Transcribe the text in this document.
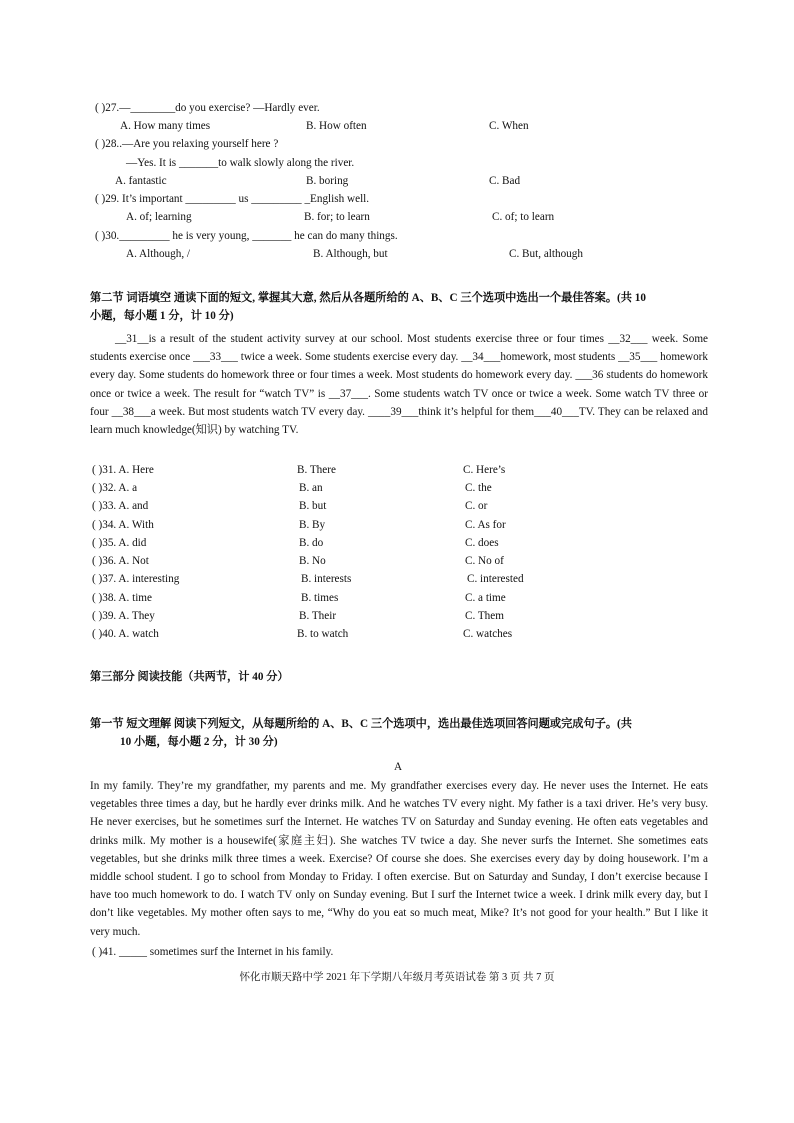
( )27.—________do you exercise? —Hardly ever.
A. How many times	B. How often	C. When
( )28..—Are you relaxing yourself here ?
—Yes. It is _______to walk slowly along the river.
A. fantastic	B. boring	C. Bad
( )29. It’s important _________ us _________ _English well.
A. of; learning	B. for; to learn	C. of; to learn
( )30._________ he is very young, _______ he can do many things.
A. Although, /	B. Although, but	C. But, although
第二节 词语填空 通读下面的短文, 掌握其大意, 然后从各题所给的 A、B、C 三个选项中选出一个最佳答案。(共 10
小题，每小题 1 分，计 10 分)
__31__is a result of the student activity survey at our school. Most students exercise three or four times __32___ week. Some students exercise once ___33___ twice a week. Some students exercise every day. __34___homework, most students __35___ homework every day. Some students do homework three or four times a week. Most students do homework every day. ___36 students do homework once or twice a week. The result for “watch TV” is __37___. Some students watch TV once or twice a week. Some watch TV three or four __38___a week. But most students watch TV every day. ____39___think it’s helpful for them___40___TV. They can be relaxed and learn much knowledge(知识) by watching TV.
( )31. A. Here	B. There	C. Here’s
( )32. A. a	B. an	C. the
( )33. A. and	B. but	C. or
( )34. A. With	B. By	C. As for
( )35. A. did	B. do	C. does
( )36. A. Not	B. No	C. No of
( )37. A. interesting	B. interests	C. interested
( )38. A. time	B. times	C. a time
( )39. A. They	B. Their	C. Them
( )40. A. watch	B. to watch	C. watches
第三部分 阅读技能（共两节，计 40 分）
第一节 短文理解 阅读下列短文，从每题所给的 A、B、C 三个选项中，选出最佳选项回答问题或完成句子。(共
10 小题，每小题 2 分，计 30 分)
A
In my family. They’re my grandfather, my parents and me. My grandfather exercises every day. He never uses the Internet. He eats vegetables three times a day, but he hardly ever drinks milk. And he watches TV every night. My father is a taxi driver. He’s very busy. He never exercises, but he sometimes surf the Internet. He watches TV on Saturday and Sunday evening. He often eats vegetables and drinks milk. My mother is a housewife(家庭主妇). She watches TV twice a day. She never surfs the Internet. She sometimes eats vegetables, but she drinks milk three times a week. Exercise? Of course she does. She exercises every day by doing housework. I’m a middle school student. I go to school from Monday to Friday. I often exercise. But on Saturday and Sunday, I don’t exercise because I have too much homework to do. I watch TV only on Sunday evening. But I surf the Internet twice a week. I drink milk every day, but I don’t like vegetables. My mother often says to me, “Why do you eat so much meat, Mike? It’s not good for your health.” But I like it very much.
( )41. _____ sometimes surf the Internet in his family.
怀化市顺天路中学 2021 年下学期八年级月考英语试卷 第 3 页 共 7 页
